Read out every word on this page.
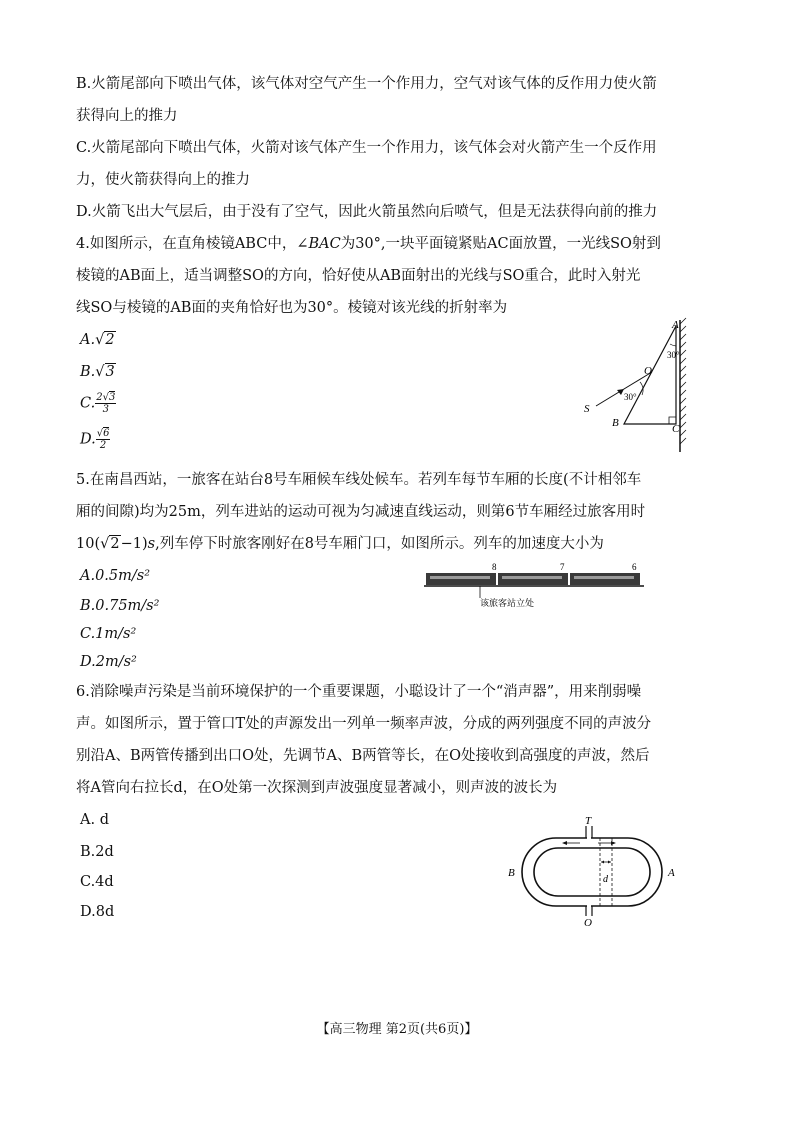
B.火箭尾部向下喷出气体，该气体对空气产生一个作用力，空气对该气体的反作用力使火箭
获得向上的推力
C.火箭尾部向下喷出气体，火箭对该气体产生一个作用力，该气体会对火箭产生一个反作用
力，使火箭获得向上的推力
D.火箭飞出大气层后，由于没有了空气，因此火箭虽然向后喷气，但是无法获得向前的推力
4.如图所示，在直角棱镜ABC中，∠BAC为30°,一块平面镜紧贴AC面放置，一光线SO射到
棱镜的AB面上，适当调整SO的方向，恰好使从AB面射出的光线与SO重合，此时入射光
线SO与棱镜的AB面的夹角恰好也为30°。棱镜对该光线的折射率为
A.√2
B.√3
C. $\frac{2√3}{3}$
D. $\frac{√6}{2}$
A
30°
O
30°
S
B	C
5.在南昌西站，一旅客在站台8号车厢候车线处候车。若列车每节车厢的长度(不计相邻车
厢的间隙)均为25m，列车进站的运动可视为匀减速直线运动，则第6节车厢经过旅客用时
10(√2−1)s,列车停下时旅客刚好在8号车厢门口，如图所示。列车的加速度大小为
A.0.5m/s²
B.0.75m/s²
C.1m/s²
D.2m/s²
8	7	6
该旅客站立处
6.消除噪声污染是当前环境保护的一个重要课题，小聪设计了一个“消声器”，用来削弱噪
声。如图所示，置于管口T处的声源发出一列单一频率声波，分成的两列强度不同的声波分
别沿A、B两管传播到出口O处，先调节A、B两管等长，在O处接收到高强度的声波，然后
将A管向右拉长d，在O处第一次探测到声波强度显著减小，则声波的波长为
A. d
B.2d
C.4d
D.8d
T
O
B	A
d
【高三物理 第2页(共6页)】
